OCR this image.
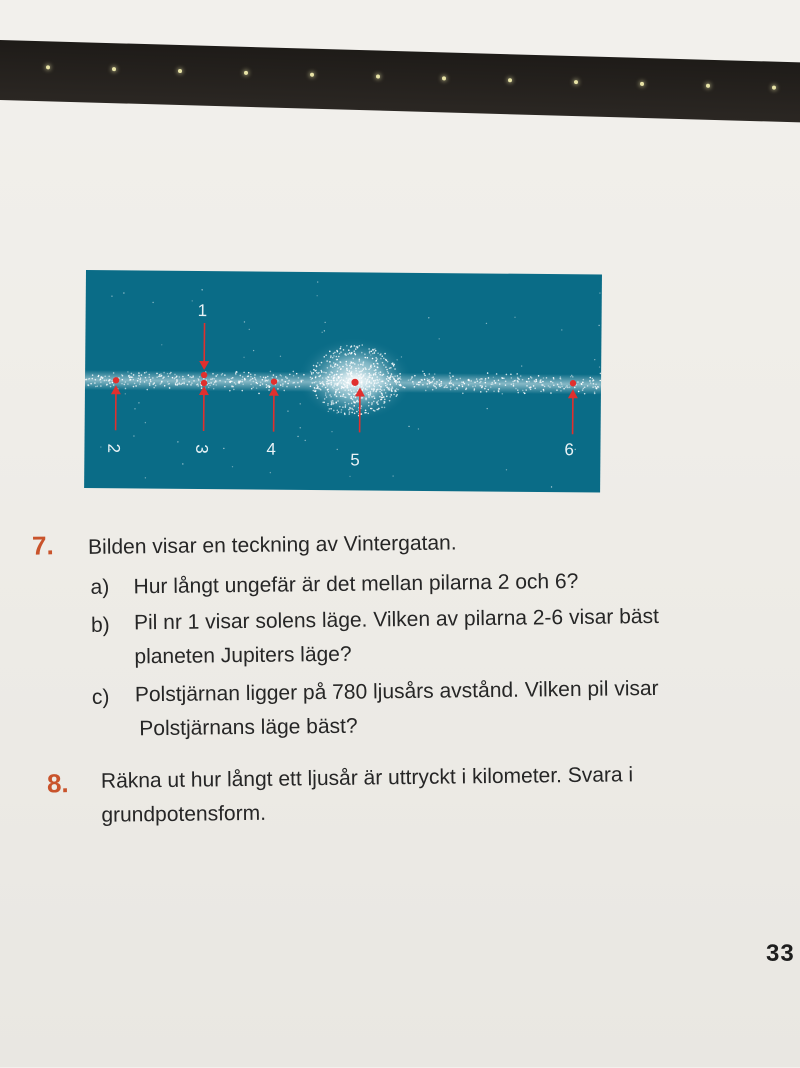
1
2	3	4
5
6
7. Bilden visar en teckning av Vintergatan.
a) Hur långt ungefär är det mellan pilarna 2 och 6?
b) Pil nr 1 visar solens läge. Vilken av pilarna 2-6 visar bäst
planeten Jupiters läge?
c) Polstjärnan ligger på 780 ljusårs avstånd. Vilken pil visar
Polstjärnans läge bäst?
8. Räkna ut hur långt ett ljusår är uttryckt i kilometer. Svara i
grundpotensform.
33
